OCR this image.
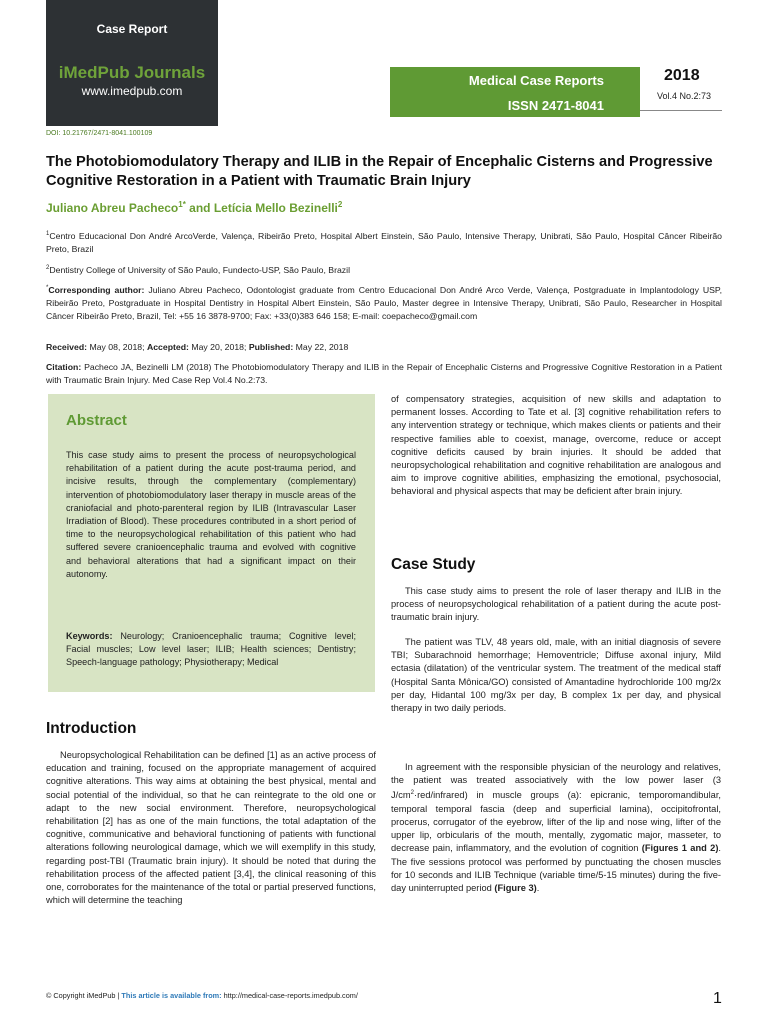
Case Report
iMedPub Journals
www.imedpub.com
Medical Case Reports
ISSN 2471-8041
2018
Vol.4 No.2:73
DOI: 10.21767/2471-8041.100109
The Photobiomodulatory Therapy and ILIB in the Repair of Encephalic Cisterns and Progressive Cognitive Restoration in a Patient with Traumatic Brain Injury
Juliano Abreu Pacheco$^{1*}$ and Letícia Mello Bezinelli$^2$
$^1$Centro Educacional Don André ArcoVerde, Valença, Ribeirão Preto, Hospital Albert Einstein, São Paulo, Intensive Therapy, Unibrati, São Paulo, Hospital Câncer Ribeirão Preto, Brazil
$^2$Dentistry College of University of São Paulo, Fundecto-USP, São Paulo, Brazil
*Corresponding author: Juliano Abreu Pacheco, Odontologist graduate from Centro Educacional Don André Arco Verde, Valença, Postgraduate in Implantodology USP, Ribeirão Preto, Postgraduate in Hospital Dentistry in Hospital Albert Einstein, São Paulo, Master degree in Intensive Therapy, Unibrati, São Paulo, Researcher in Hospital Câncer Ribeirão Preto, Brazil, Tel: +55 16 3878-9700; Fax: +33(0)383 646 158; E-mail: coepacheco@gmail.com
Received: May 08, 2018; Accepted: May 20, 2018; Published: May 22, 2018
Citation: Pacheco JA, Bezinelli LM (2018) The Photobiomodulatory Therapy and ILIB in the Repair of Encephalic Cisterns and Progressive Cognitive Restoration in a Patient with Traumatic Brain Injury. Med Case Rep Vol.4 No.2:73.
Abstract
This case study aims to present the process of neuropsychological rehabilitation of a patient during the acute post-trauma period, and incisive results, through the complementary (complementary) intervention of photobiomodulatory laser therapy in muscle areas of the craniofacial and photo-parenteral region by ILIB (Intravascular Laser Irradiation of Blood). These procedures contributed in a short period of time to the neuropsychological rehabilitation of this patient who had suffered severe cranioencephalic trauma and evolved with cognitive and behavioral alterations that had a significant impact on their autonomy.
Keywords: Neurology; Cranioencephalic trauma; Cognitive level; Facial muscles; Low level laser; ILIB; Health sciences; Dentistry; Speech-language pathology; Physiotherapy; Medical
Introduction

Neuropsychological Rehabilitation can be defined [1] as an active process of education and training, focused on the appropriate management of acquired cognitive alterations. This way aims at obtaining the best physical, mental and social potential of the individual, so that he can reintegrate to the old one or adapt to the new social environment. Therefore, neuropsychological rehabilitation [2] has as one of the main functions, the total adaptation of the cognitive, communicative and behavioral functioning of patients with functional alterations following neurological damage, which we will exemplify in this study, regarding post-TBI (Traumatic brain injury). It should be noted that during the rehabilitation process of the affected patient [3,4], the clinical reasoning of this one, corroborates for the maintenance of the total or partial preserved functions, which will determine the teaching

of compensatory strategies, acquisition of new skills and adaptation to permanent losses. According to Tate et al. [3] cognitive rehabilitation refers to any intervention strategy or technique, which makes clients or patients and their respective families able to coexist, manage, overcome, reduce or accept cognitive deficits caused by brain injuries. It should be added that neuropsychological rehabilitation and cognitive rehabilitation are analogous and aim to improve cognitive abilities, emphasizing the emotional, psychosocial, behavioral and physical aspects that may be deficient after brain injury.

Case Study

This case study aims to present the role of laser therapy and ILIB in the process of neuropsychological rehabilitation of a patient during the acute post-traumatic brain injury.

The patient was TLV, 48 years old, male, with an initial diagnosis of severe TBI; Subarachnoid hemorrhage; Hemoventricle; Diffuse axonal injury, Mild ectasia (dilatation) of the ventricular system. The treatment of the medical staff (Hospital Santa Mônica/GO) consisted of Amantadine hydrochloride 100 mg/2x per day, Hidantal 100 mg/3x per day, B complex 1x per day, and physical therapy in two daily periods.

In agreement with the responsible physician of the neurology and relatives, the patient was treated associatively with the low power laser (3 $J/cm^2\cdot red/infrared$) in muscle groups (a): epicranic, temporomandibular, temporal temporal fascia (deep and superficial lamina), occipitofrontal, procerus, corrugator of the eyebrow, lifter of the lip and nose wing, lifter of the upper lip, orbicularis of the mouth, mentally, zygomatic major, masseter, to decrease pain, inflammatory, and the evolution of cognition (Figures 1 and 2). The five sessions protocol was performed by punctuating the chosen muscles for 10 seconds and ILIB Technique (variable time/5-15 minutes) during the five-day uninterrupted period (Figure 3).

© Copyright iMedPub | This article is available from: http://medical-case-reports.imedpub.com/	1
